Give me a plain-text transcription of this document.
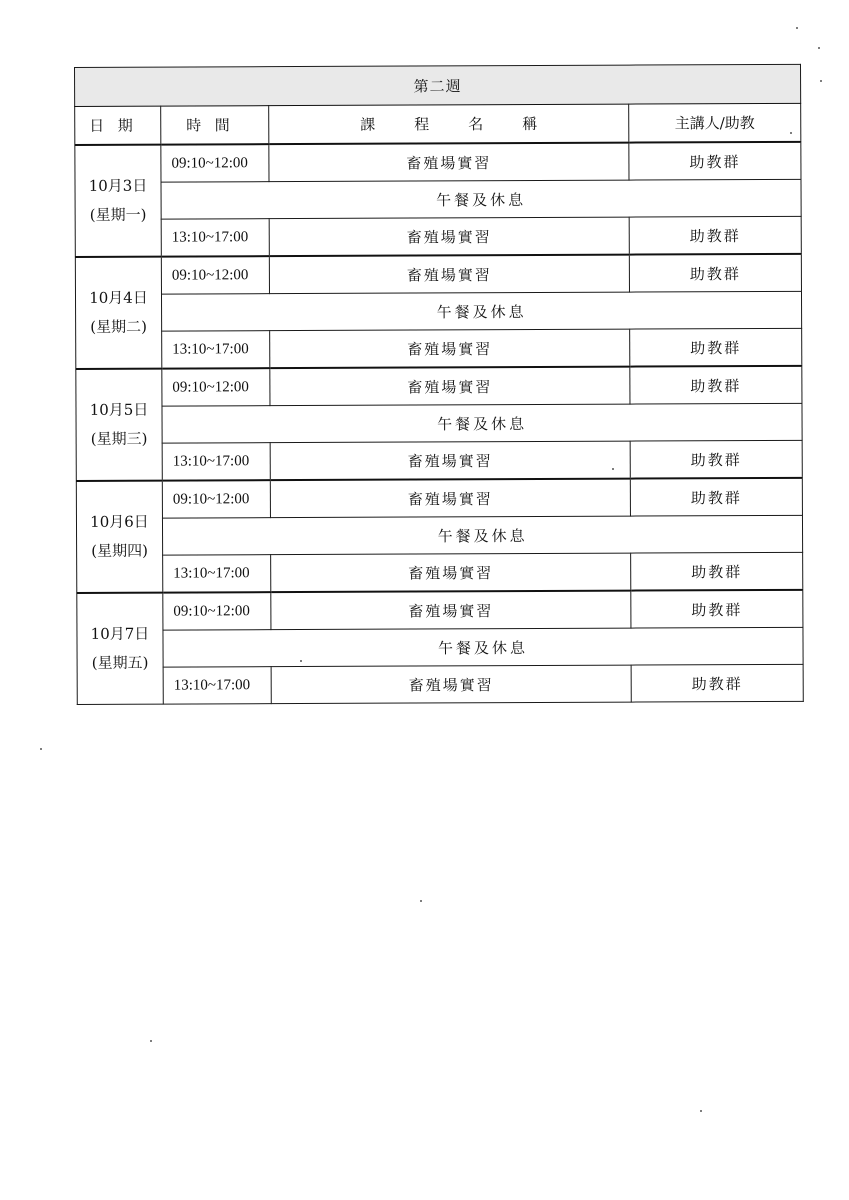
第二週			
日期	時間	課程名稱	主講人/助教

10月3日
(星期一)	09:10~12:00	畜殖場實習	助教群
	午餐及休息		
	13:10~17:00	畜殖場實習	助教群

10月4日
(星期二)	09:10~12:00	畜殖場實習	助教群
	午餐及休息		
	13:10~17:00	畜殖場實習	助教群

10月5日
(星期三)	09:10~12:00	畜殖場實習	助教群
	午餐及休息		
	13:10~17:00	畜殖場實習	助教群

10月6日
(星期四)	09:10~12:00	畜殖場實習	助教群
	午餐及休息		
	13:10~17:00	畜殖場實習	助教群

10月7日
(星期五)	09:10~12:00	畜殖場實習	助教群
	午餐及休息		
	13:10~17:00	畜殖場實習	助教群
